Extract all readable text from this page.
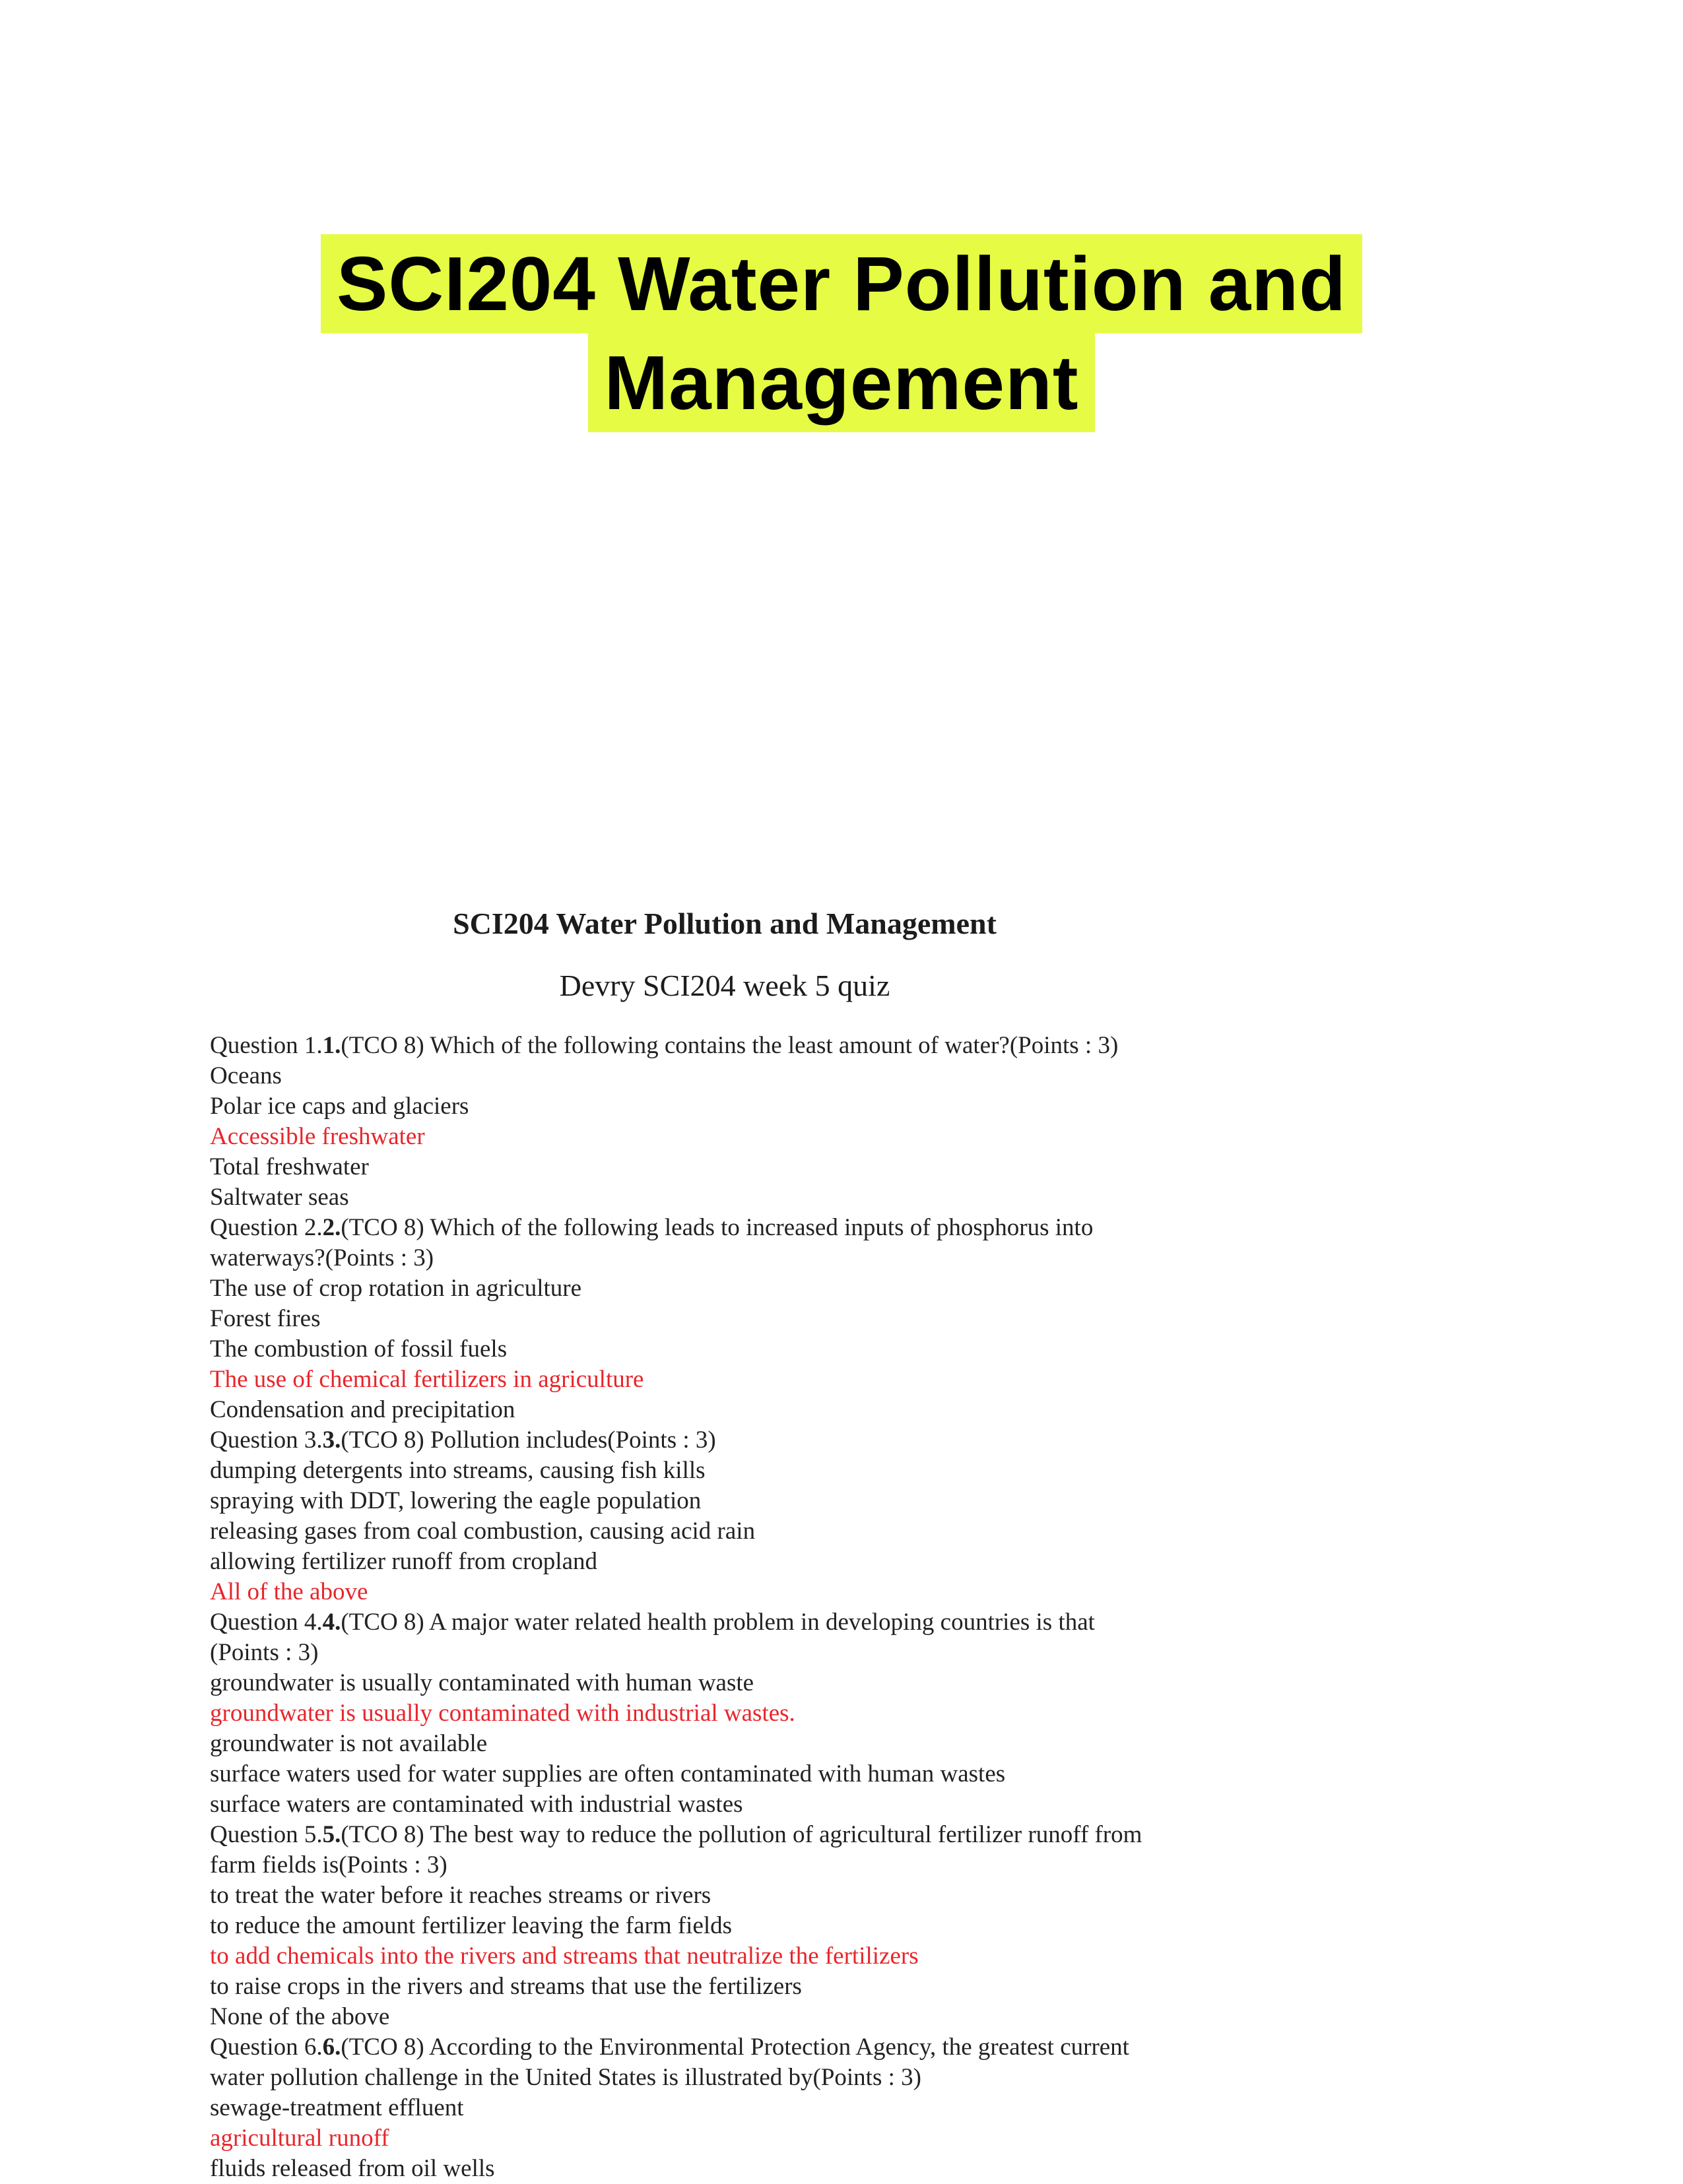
SCI204 Water Pollution and
Management
SCI204 Water Pollution and Management
Devry SCI204 week 5 quiz
Question 1.1.(TCO 8) Which of the following contains the least amount of water?(Points : 3)
Oceans
Polar ice caps and glaciers
Accessible freshwater
Total freshwater
Saltwater seas
Question 2.2.(TCO 8) Which of the following leads to increased inputs of phosphorus into
waterways?(Points : 3)
The use of crop rotation in agriculture
Forest fires
The combustion of fossil fuels
The use of chemical fertilizers in agriculture
Condensation and precipitation
Question 3.3.(TCO 8) Pollution includes(Points : 3)
dumping detergents into streams, causing fish kills
spraying with DDT, lowering the eagle population
releasing gases from coal combustion, causing acid rain
allowing fertilizer runoff from cropland
All of the above
Question 4.4.(TCO 8) A major water related health problem in developing countries is that
(Points : 3)
groundwater is usually contaminated with human waste
groundwater is usually contaminated with industrial wastes.
groundwater is not available
surface waters used for water supplies are often contaminated with human wastes
surface waters are contaminated with industrial wastes
Question 5.5.(TCO 8) The best way to reduce the pollution of agricultural fertilizer runoff from
farm fields is(Points : 3)
to treat the water before it reaches streams or rivers
to reduce the amount fertilizer leaving the farm fields
to add chemicals into the rivers and streams that neutralize the fertilizers
to raise crops in the rivers and streams that use the fertilizers
None of the above
Question 6.6.(TCO 8) According to the Environmental Protection Agency, the greatest current
water pollution challenge in the United States is illustrated by(Points : 3)
sewage-treatment effluent
agricultural runoff
fluids released from oil wells
